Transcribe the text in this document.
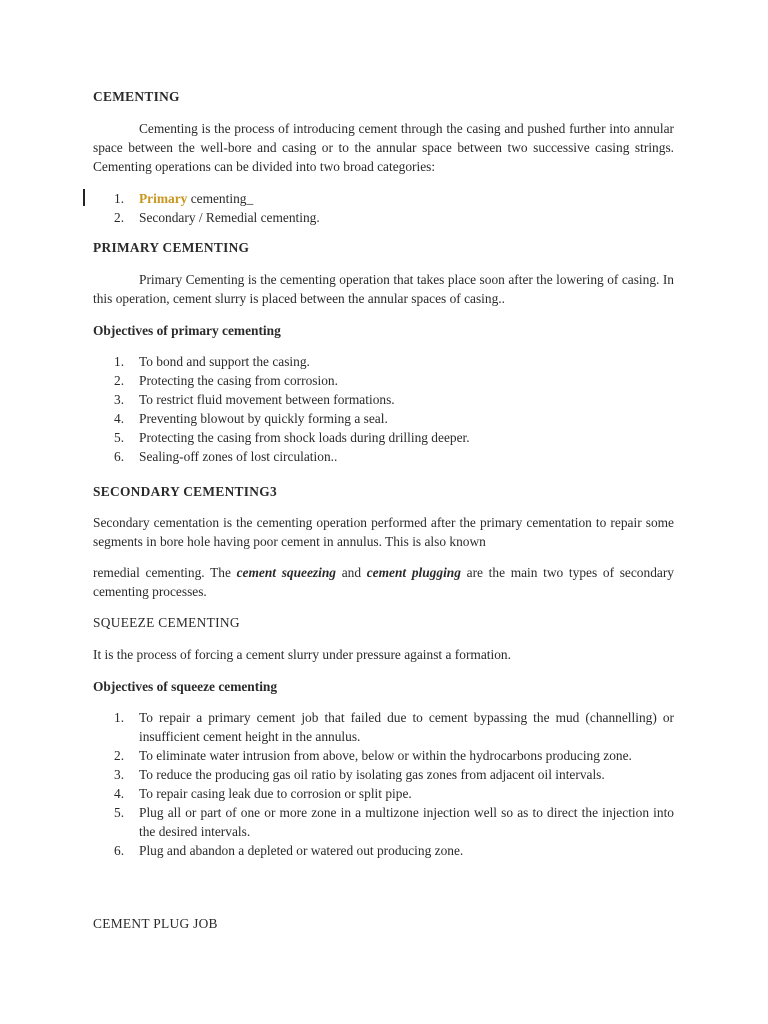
CEMENTING
Cementing is the process of introducing cement through the casing and pushed further into annular space between the well-bore and casing or to the annular space between two successive casing strings. Cementing operations can be divided into two broad categories:
1. Primary cementing_
2. Secondary / Remedial cementing.
PRIMARY CEMENTING
Primary Cementing is the cementing operation that takes place soon after the lowering of casing. In this operation, cement slurry is placed between the annular spaces of casing..
Objectives of primary cementing
1. To bond and support the casing.
2. Protecting the casing from corrosion.
3. To restrict fluid movement between formations.
4. Preventing blowout by quickly forming a seal.
5. Protecting the casing from shock loads during drilling deeper.
6. Sealing-off zones of lost circulation..
SECONDARY CEMENTING3
Secondary cementation is the cementing operation performed after the primary cementation to repair some segments in bore hole having poor cement in annulus. This is also known
remedial cementing. The cement squeezing and cement plugging are the main two types of secondary cementing processes.
SQUEEZE CEMENTING
It is the process of forcing a cement slurry under pressure against a formation.
Objectives of squeeze cementing
1. To repair a primary cement job that failed due to cement bypassing the mud (channelling) or insufficient cement height in the annulus.
2. To eliminate water intrusion from above, below or within the hydrocarbons producing zone.
3. To reduce the producing gas oil ratio by isolating gas zones from adjacent oil intervals.
4. To repair casing leak due to corrosion or split pipe.
5. Plug all or part of one or more zone in a multizone injection well so as to direct the injection into the desired intervals.
6. Plug and abandon a depleted or watered out producing zone.
CEMENT PLUG JOB
